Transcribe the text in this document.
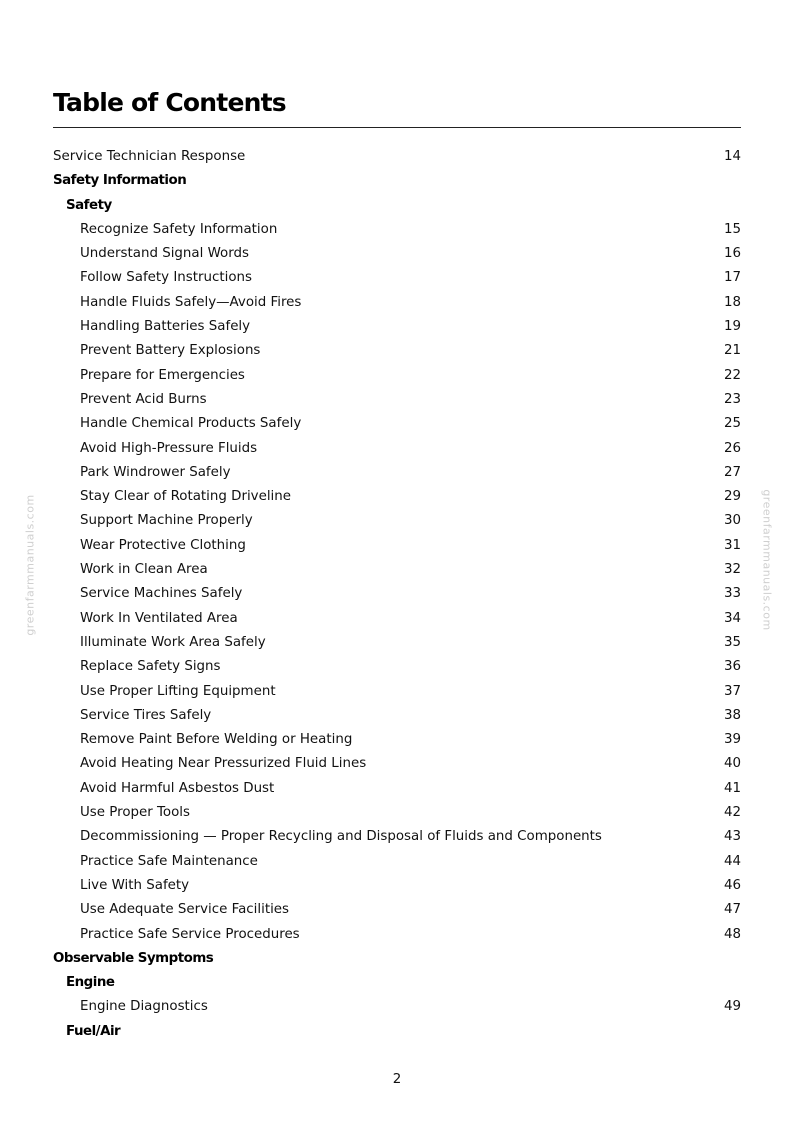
Table of Contents
Service Technician Response	14
Safety Information
Safety
Recognize Safety Information	15
Understand Signal Words	16
Follow Safety Instructions	17
Handle Fluids Safely—Avoid Fires	18
Handling Batteries Safely	19
Prevent Battery Explosions	21
Prepare for Emergencies	22
Prevent Acid Burns	23
Handle Chemical Products Safely	25
Avoid High-Pressure Fluids	26
Park Windrower Safely	27
Stay Clear of Rotating Driveline	29
Support Machine Properly	30
Wear Protective Clothing	31
Work in Clean Area	32
Service Machines Safely	33
Work In Ventilated Area	34
Illuminate Work Area Safely	35
Replace Safety Signs	36
Use Proper Lifting Equipment	37
Service Tires Safely	38
Remove Paint Before Welding or Heating	39
Avoid Heating Near Pressurized Fluid Lines	40
Avoid Harmful Asbestos Dust	41
Use Proper Tools	42
Decommissioning — Proper Recycling and Disposal of Fluids and Components	43
Practice Safe Maintenance	44
Live With Safety	46
Use Adequate Service Facilities	47
Practice Safe Service Procedures	48
Observable Symptoms
Engine
Engine Diagnostics	49
Fuel/Air
greenfarmmanuals.com	greenfarmmanuals.com
2
